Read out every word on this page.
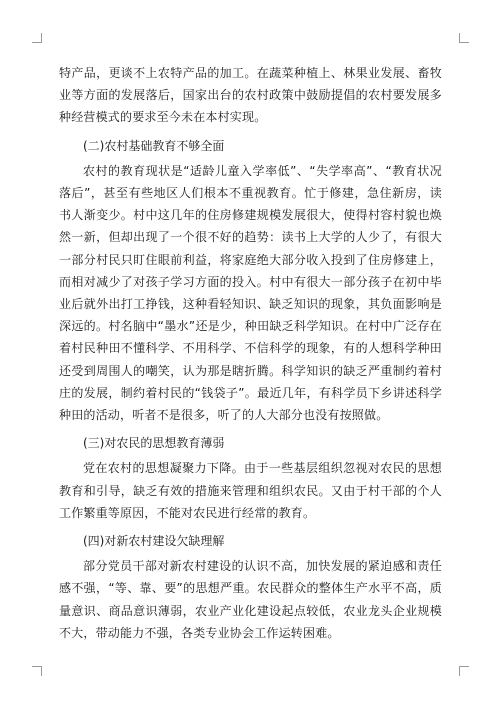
特产品，更谈不上农特产品的加工。在蔬菜种植上、林果业发展、畜牧业等方面的发展落后，国家出台的农村政策中鼓励提倡的农村要发展多种经营模式的要求至今未在本村实现。

(二)农村基础教育不够全面

农村的教育现状是“适龄儿童入学率低”、“失学率高”、“教育状况落后”，甚至有些地区人们根本不重视教育。忙于修建，急住新房，读书人渐变少。村中这几年的住房修建规模发展很大，使得村容村貌也焕然一新，但却出现了一个很不好的趋势：读书上大学的人少了，有很大一部分村民只盯住眼前利益，将家庭绝大部分收入投到了住房修建上，而相对减少了对孩子学习方面的投入。村中有很大一部分孩子在初中毕业后就外出打工挣钱，这种看轻知识、缺乏知识的现象，其负面影响是深远的。村名脑中“墨水”还是少，种田缺乏科学知识。在村中广泛存在着村民种田不懂科学、不用科学、不信科学的现象，有的人想科学种田还受到周围人的嘲笑，认为那是瞎折腾。科学知识的缺乏严重制约着村庄的发展，制约着村民的“钱袋子”。最近几年，有科学员下乡讲述科学种田的活动，听者不是很多，听了的人大部分也没有按照做。

(三)对农民的思想教育薄弱

党在农村的思想凝聚力下降。由于一些基层组织忽视对农民的思想教育和引导，缺乏有效的措施来管理和组织农民。又由于村干部的个人工作繁重等原因，不能对农民进行经常的教育。

(四)对新农村建设欠缺理解

部分党员干部对新农村建设的认识不高，加快发展的紧迫感和责任感不强，“等、靠、要”的思想严重。农民群众的整体生产水平不高，质量意识、商品意识薄弱，农业产业化建设起点较低，农业龙头企业规模不大，带动能力不强，各类专业协会工作运转困难。
